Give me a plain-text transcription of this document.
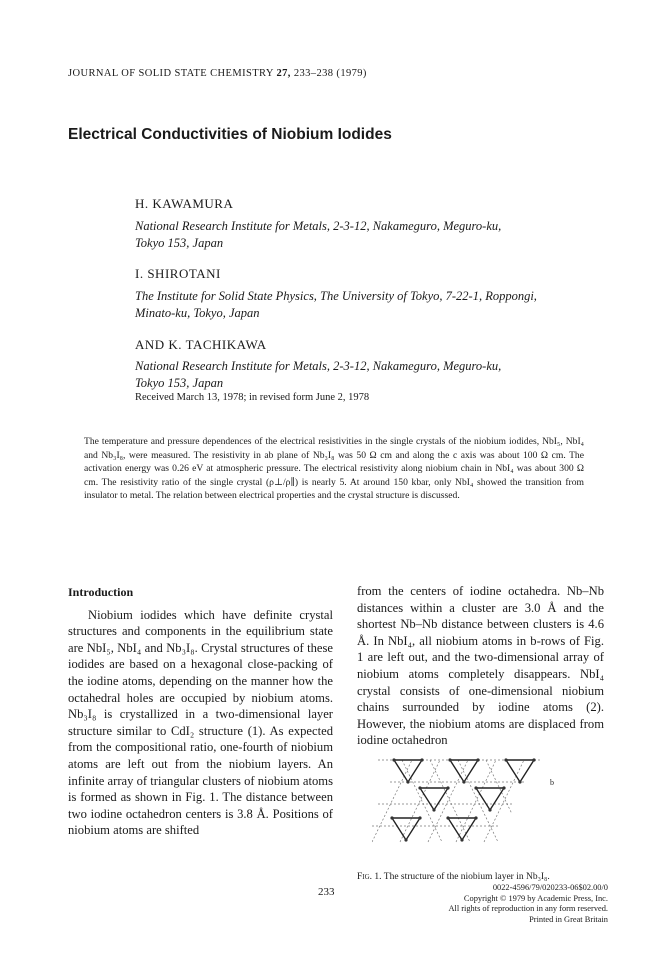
JOURNAL OF SOLID STATE CHEMISTRY 27, 233–238 (1979)
Electrical Conductivities of Niobium Iodides
H. KAWAMURA
National Research Institute for Metals, 2-3-12, Nakameguro, Meguro-ku,
Tokyo 153, Japan
I. SHIROTANI
The Institute for Solid State Physics, The University of Tokyo, 7-22-1, Roppongi,
Minato-ku, Tokyo, Japan
AND K. TACHIKAWA
National Research Institute for Metals, 2-3-12, Nakameguro, Meguro-ku,
Tokyo 153, Japan
Received March 13, 1978; in revised form June 2, 1978
The temperature and pressure dependences of the electrical resistivities in the single crystals of the niobium iodides, NbI₅, NbI₄ and Nb₃I₈, were measured. The resistivity in ab plane of Nb₃I₈ was 50 Ω cm and along the c axis was about 100 Ω cm. The activation energy was 0.26 eV at atmospheric pressure. The electrical resistivity along niobium chain in NbI₄ was about 300 Ω cm. The resistivity ratio of the single crystal (ρ⊥/ρ∥) is nearly 5. At around 150 kbar, only NbI₄ showed the transition from insulator to metal. The relation between electrical properties and the crystal structure is discussed.
Introduction

Niobium iodides which have definite crystal structures and components in the equilibrium state are NbI₅, NbI₄ and Nb₃I₈. Crystal structures of these iodides are based on a hexagonal close-packing of the iodine atoms, depending on the manner how the octahedral holes are occupied by niobium atoms. Nb₃I₈ is crystallized in a two-dimensional layer structure similar to CdI₂ structure (1). As expected from the compositional ratio, one-fourth of niobium atoms are left out from the niobium layers. An infinite array of triangular clusters of niobium atoms is formed as shown in Fig. 1. The distance between two iodine octahedron centers is 3.8 Å. Positions of niobium atoms are shifted

from the centers of iodine octahedra. Nb–Nb distances within a cluster are 3.0 Å and the shortest Nb–Nb distance between clusters is 4.6 Å. In NbI₄, all niobium atoms in b-rows of Fig. 1 are left out, and the two-dimensional array of niobium atoms completely disappears. NbI₄ crystal consists of one-dimensional niobium chains surrounded by iodine atoms (2). However, the niobium atoms are displaced from iodine octahedron

b
Fig. 1. The structure of the niobium layer in Nb₃I₈.
233	0022-4596/79/020233-06$02.00/0
Copyright © 1979 by Academic Press, Inc.
All rights of reproduction in any form reserved.
Printed in Great Britain
